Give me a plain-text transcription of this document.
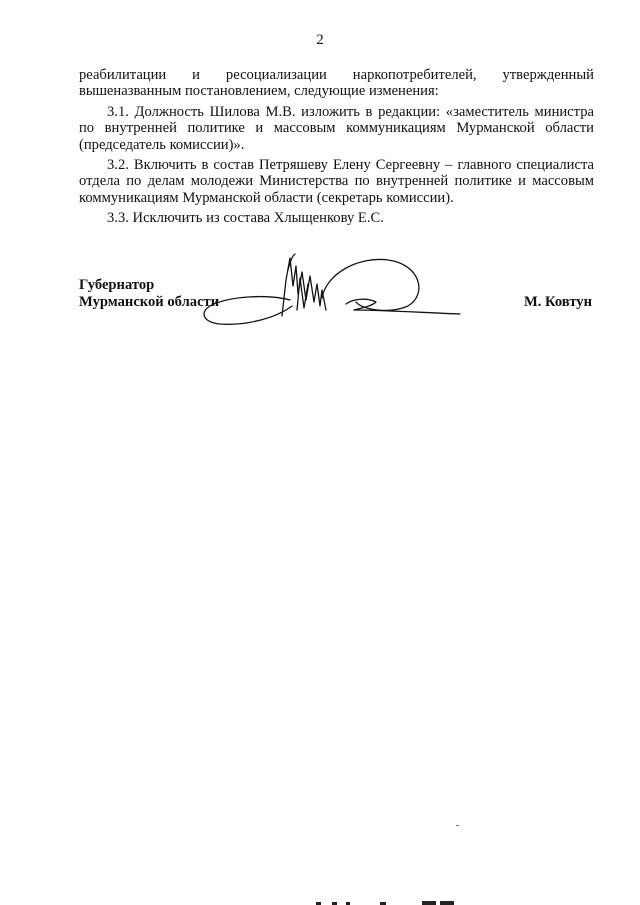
2

реабилитации и ресоциализации наркопотребителей, утвержденный вышеназванным постановлением, следующие изменения:

3.1. Должность Шилова М.В. изложить в редакции: «заместитель министра по внутренней политике и массовым коммуникациям Мурманской области (председатель комиссии)».

3.2. Включить в состав Петряшеву Елену Сергеевну – главного специалиста отдела по делам молодежи Министерства по внутренней политике и массовым коммуникациям Мурманской области (секретарь комиссии).

3.3. Исключить из состава Хлыщенкову Е.С.

Губернатор
Мурманской области	М. Ковтун
